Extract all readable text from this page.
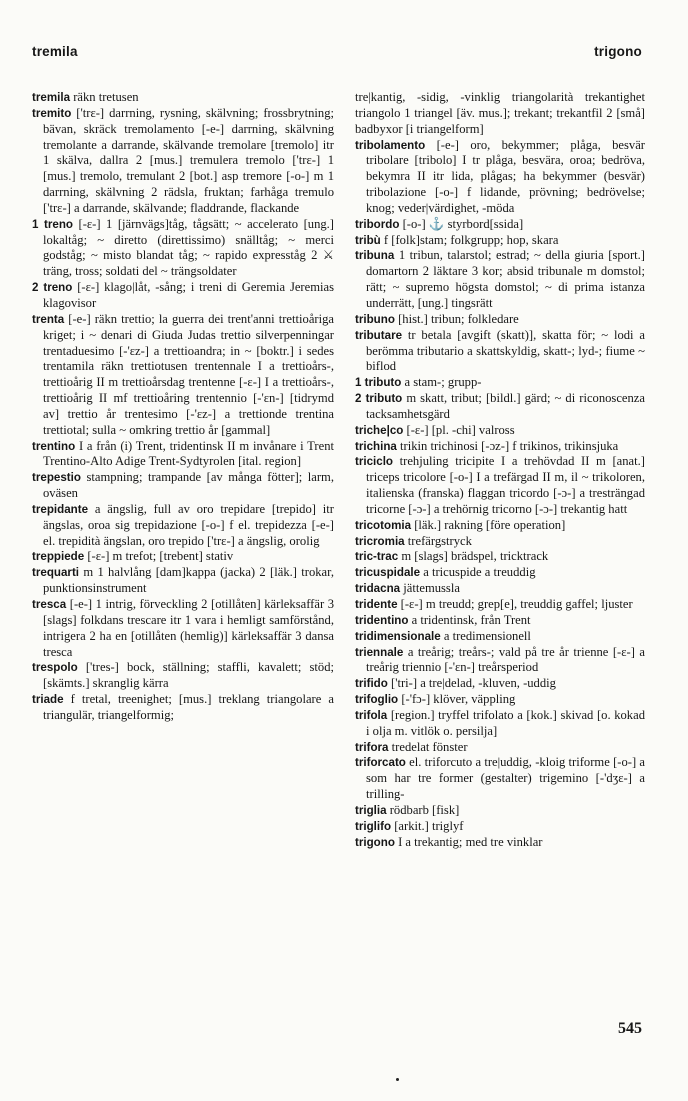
tremila	trigono

tremila räkn tretusen

tremito ['trɛ-] darrning, rysning, skälvning; frossbrytning; bävan, skräck tremolamento [-e-] darrning, skälvning tremolante a darrande, skälvande tremolare [tremolo] itr 1 skälva, dallra 2 [mus.] tremulera tremolo ['trɛ-] 1 [mus.] tremolo, tremulant 2 [bot.] asp tremore [-o-] m 1 darrning, skälvning 2 rädsla, fruktan; farhåga tremulo ['trɛ-] a darrande, skälvande; fladdrande, flackande

1 treno [-ɛ-] 1 [järnvägs]tåg, tågsätt; ~ accelerato [ung.] lokaltåg; ~ diretto (direttissimo) snälltåg; ~ merci godståg; ~ misto blandat tåg; ~ rapido expresståg 2 ⚔ träng, tross; soldati del ~ trängsoldater

2 treno [-ɛ-] klago|låt, -sång; i treni di Geremia Jeremias klagovisor

trenta [-e-] räkn trettio; la guerra dei trent'anni trettioåriga kriget; i ~ denari di Giuda Judas trettio silverpenningar trentaduesimo [-'ɛz-] a trettioandra; in ~ [boktr.] i sedes trentamila räkn trettiotusen trentennale I a trettioårs-, trettioårig II m trettioårsdag trentenne [-ɛ-] I a trettioårs-, trettioårig II mf trettioåring trentennio [-'ɛn-] [tidrymd av] trettio år trentesimo [-'ɛz-] a trettionde trentina trettiotal; sulla ~ omkring trettio år [gammal]

trentino I a från (i) Trent, tridentinsk II m invånare i Trent Trentino-Alto Adige Trent-Sydtyrolen [ital. region]

trepestio stampning; trampande [av många fötter]; larm, oväsen

trepidante a ängslig, full av oro trepidare [trepido] itr ängslas, oroa sig trepidazione [-o-] f el. trepidezza [-e-] el. trepidità ängslan, oro trepido ['trɛ-] a ängslig, orolig

treppiede [-ɛ-] m trefot; [trebent] stativ

trequarti m 1 halvlång [dam]kappa (jacka) 2 [läk.] trokar, punktionsinstrument

tresca [-e-] 1 intrig, förveckling 2 [otillåten] kärleksaffär 3 [slags] folkdans trescare itr 1 vara i hemligt samförstånd, intrigera 2 ha en [otillåten (hemlig)] kärleksaffär 3 dansa tresca

trespolo ['tres-] bock, ställning; staffli, kavalett; stöd; [skämts.] skranglig kärra

triade f tretal, treenighet; [mus.] treklang triangolare a triangulär, triangelformig;

tre|kantig, -sidig, -vinklig triangolarità trekantighet triangolo 1 triangel [äv. mus.]; trekant; trekantfil 2 [små] badbyxor [i triangelform]

tribolamento [-e-] oro, bekymmer; plåga, besvär tribolare [tribolo] I tr plåga, besvära, oroa; bedröva, bekymra II itr lida, plågas; ha bekymmer (besvär) tribolazione [-o-] f lidande, prövning; bedrövelse; knog; veder|värdighet, -möda

tribordo [-o-] ⚓ styrbord[ssida]

tribù f [folk]stam; folkgrupp; hop, skara

tribuna 1 tribun, talarstol; estrad; ~ della giuria [sport.] domartorn 2 läktare 3 kor; absid tribunale m domstol; rätt; ~ supremo högsta domstol; ~ di prima istanza underrätt, [ung.] tingsrätt

tribuno [hist.] tribun; folkledare

tributare tr betala [avgift (skatt)], skatta för; ~ lodi a berömma tributario a skattskyldig, skatt-; lyd-; fiume ~ biflod

1 tributo a stam-; grupp-

2 tributo m skatt, tribut; [bildl.] gärd; ~ di riconoscenza tacksamhetsgärd

triche|co [-ɛ-] [pl. -chi] valross

trichina trikin trichinosi [-ɔz-] f trikinos, trikinsjuka

triciclo trehjuling tricipite I a trehövdad II m [anat.] triceps tricolore [-o-] I a trefärgad II m, il ~ trikoloren, italienska (franska) flaggan tricordo [-ɔ-] a tresträngad tricorne [-ɔ-] a trehörnig tricorno [-ɔ-] trekantig hatt

tricotomia [läk.] rakning [före operation]

tricromia trefärgstryck

tric-trac m [slags] brädspel, tricktrack

tricuspidale a tricuspide a treuddig

tridacna jättemussla

tridente [-ɛ-] m treudd; grep[e], treuddig gaffel; ljuster

tridentino a tridentinsk, från Trent

tridimensionale a tredimensionell

triennale a treårig; treårs-; vald på tre år trienne [-ɛ-] a treårig triennio [-'ɛn-] treårsperiod

trifido ['tri-] a tre|delad, -kluven, -uddig

trifoglio [-'fɔ-] klöver, väppling

trifola [region.] tryffel trifolato a [kok.] skivad [o. kokad i olja m. vitlök o. persilja]

trifora tredelat fönster

triforcato el. triforcuto a tre|uddig, -kloig triforme [-o-] a som har tre former (gestalter) trigemino [-'dʒɛ-] a trilling-

triglia rödbarb [fisk]

triglifo [arkit.] triglyf

trigono I a trekantig; med tre vinklar

545
